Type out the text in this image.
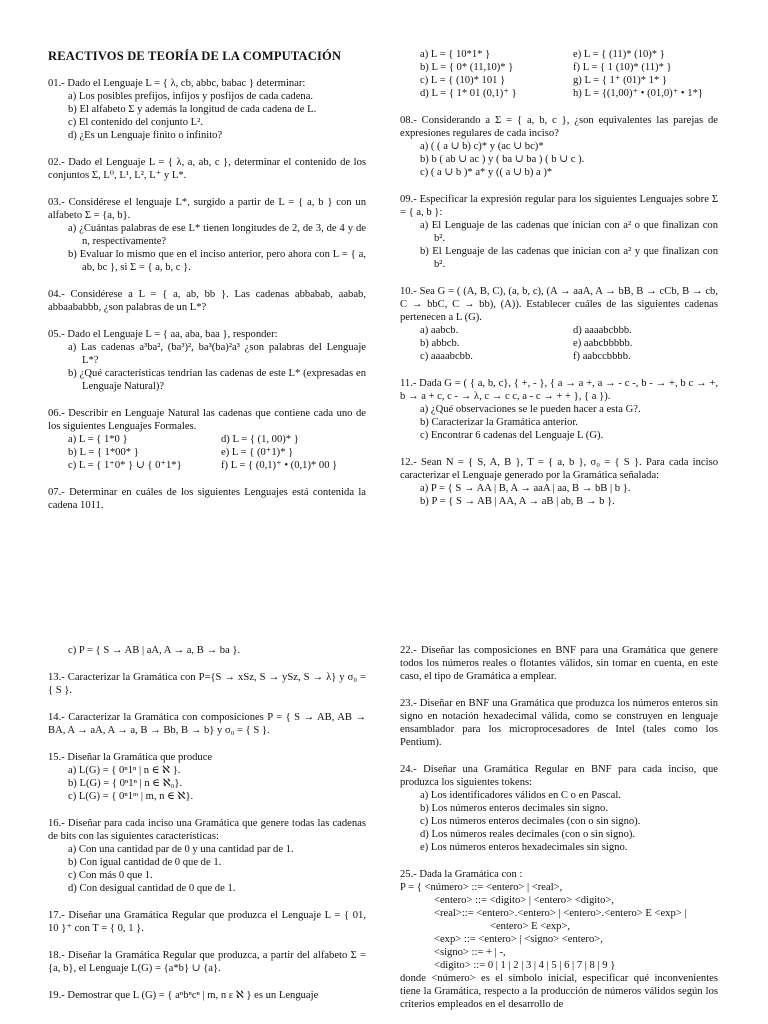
REACTIVOS DE TEORÍA DE LA COMPUTACIÓN

01.- Dado el Lenguaje L = { λ, cb, abbc, babac } determinar:

a) Los posibles prefijos, infijos y posfijos de cada cadena.
b) El alfabeto Σ y además la longitud de cada cadena de L.
c) El contenido del conjunto L².
d) ¿Es un Lenguaje finito o infinito?

02.- Dado el Lenguaje L = { λ, a, ab, c }, determinar el contenido de los conjuntos Σ, L⁰, L¹, L², L⁺ y L*.

03.- Considérese el lenguaje L*, surgido a partir de L = { a, b } con un alfabeto Σ = {a, b}.

a) ¿Cuántas palabras de ese L* tienen longitudes de 2, de 3, de 4 y de n, respectivamente?
b) Evaluar lo mismo que en el inciso anterior, pero ahora con L = { a, ab, bc }, si Σ = { a, b, c }.

04.- Considérese a L = { a, ab, bb }. Las cadenas abbabab, aabab, abbaababbb, ¿son palabras de un L*?

05.- Dado el Lenguaje L = { aa, aba, baa }, responder:

a) Las cadenas a³ba², (ba³)², ba³(ba)²a³ ¿son palabras del Lenguaje L*?
b) ¿Qué características tendrían las cadenas de este L* (expresadas en Lenguaje Natural)?

06.- Describir en Lenguaje Natural las cadenas que contiene cada uno de los siguientes Lenguajes Formales.

a) L = { 1*0 }	d) L = { (1, 00)* }
b) L = { 1*00* }	e) L = { (0⁺1)* }
c) L = { 1⁺0* } ∪ { 0⁺1*}	f) L = { (0,1)⁺ • (0,1)* 00 }

07.- Determinar en cuáles de los siguientes Lenguajes está contenida la cadena 1011.

a) L = { 10*1* }	e) L = { (11)* (10)* }
b) L = { 0* (11,10)* }	f) L = { 1 (10)* (11)* }
c) L = { (10)* 101 }	g) L = { 1⁺ (01)* 1* }
d) L = { 1* 01 (0,1)⁺ }	h) L = {(1,00)⁺ • (01,0)⁺ • 1*}

08.- Considerando a Σ = { a, b, c }, ¿son equivalentes las parejas de expresiones regulares de cada inciso?

a) ( ( a ∪ b) c)* y (ac ∪ bc)*
b) b ( ab ∪ ac ) y ( ba ∪ ba ) ( b ∪ c ).
c) ( a ∪ b )* a* y (( a ∪ b) a )*

09.- Especificar la expresión regular para los siguientes Lenguajes sobre Σ = { a, b }:

a) El Lenguaje de las cadenas que inician con a² o que finalizan con b².
b) El Lenguaje de las cadenas que inician con a² y que finalizan con b².

10.- Sea G = ( (A, B, C), (a, b, c), (A → aaA, A → bB, B → cCb, B → cb, C → bbC, C → bb), (A)). Establecer cuáles de las siguientes cadenas pertenecen a L (G).

a) aabcb.	d) aaaabcbbb.
b) abbcb.	e) aabcbbbbb.
c) aaaabcbb.	f) aabccbbbb.

11.- Dada G = ( { a, b, c}, { +, - }, { a → a +, a → - c -, b - → +, b c → +, b → a + c, c - → λ, c → c c, a - c → + + }, { a }).

a) ¿Qué observaciones se le pueden hacer a esta G?.
b) Caracterizar la Gramática anterior.
c) Encontrar 6 cadenas del Lenguaje L (G).

12.- Sean N = { S, A, B }, T = { a, b }, σ₀ = { S }. Para cada inciso caracterizar el Lenguaje generado por la Gramática señalada:

a) P = { S → AA | B, A → aaA | aa, B → bB | b }.
b) P = { S → AB | AA, A → aB | ab, B → b }.
c) P = { S → AB | aA, A → a, B → ba }.

13.- Caracterizar la Gramática con P={S → xSz, S → ySz, S → λ} y σ₀ = { S }.

14.- Caracterizar la Gramática con composiciones P = { S → AB, AB → BA, A → aA, A → a, B → Bb, B → b} y σ₀ = { S }.

15.- Diseñar la Gramática que produce

a) L(G) = { 0ⁿ1ⁿ | n ∈ ℵ }.
b) L(G) = { 0ⁿ1ⁿ | n ∈ ℵ₀}.
c) L(G) = { 0ⁿ1ᵐ | m, n ∈ ℵ}.

16.- Diseñar para cada inciso una Gramática que genere todas las cadenas de bits con las siguientes características:

a) Con una cantidad par de 0 y una cantidad par de 1.
b) Con igual cantidad de 0 que de 1.
c) Con más 0 que 1.
d) Con desigual cantidad de 0 que de 1.

17.- Diseñar una Gramática Regular que produzca el Lenguaje L = { 01, 10 }⁺ con T = { 0, 1 }.

18.- Diseñar la Gramática Regular que produzca, a partir del alfabeto Σ = {a, b}, el Lenguaje L(G) = {a*b} ∪ {a}.

19.- Demostrar que L (G) = { aⁿbⁿcⁿ | m, n ε ℵ } es un Lenguaje

22.- Diseñar las composiciones en BNF para una Gramática que genere todos los números reales o flotantes válidos, sin tomar en cuenta, en este caso, el tipo de Gramática a emplear.

23.- Diseñar en BNF una Gramática que produzca los números enteros sin signo en notación hexadecimal válida, como se construyen en lenguaje ensamblador para los microprocesadores de Intel (tales como los Pentium).

24.- Diseñar una Gramática Regular en BNF para cada inciso, que produzca los siguientes tokens:

a) Los identificadores válidos en C o en Pascal.
b) Los números enteros decimales sin signo.
c) Los números enteros decimales (con o sin signo).
d) Los números reales decimales (con o sin signo).
e) Los números enteros hexadecimales sin signo.

25.- Dada la Gramática con :

P = { <número> ::= <entero> | <real>,
<entero> ::= <digito> | <entero> <digito>,
<real>::= <entero>.<entero> | <entero>.<entero> E <exp> |
<entero> E <exp>,
<exp> ::= <entero> | <signo> <entero>,
<signo> ::= + | -,
<digito> ::= 0 | 1 | 2 | 3 | 4 | 5 | 6 | 7 | 8 | 9 }

donde <número> es el símbolo inicial, especificar qué inconvenientes tiene la Gramática, respecto a la producción de números válidos según los criterios empleados en el desarrollo de
